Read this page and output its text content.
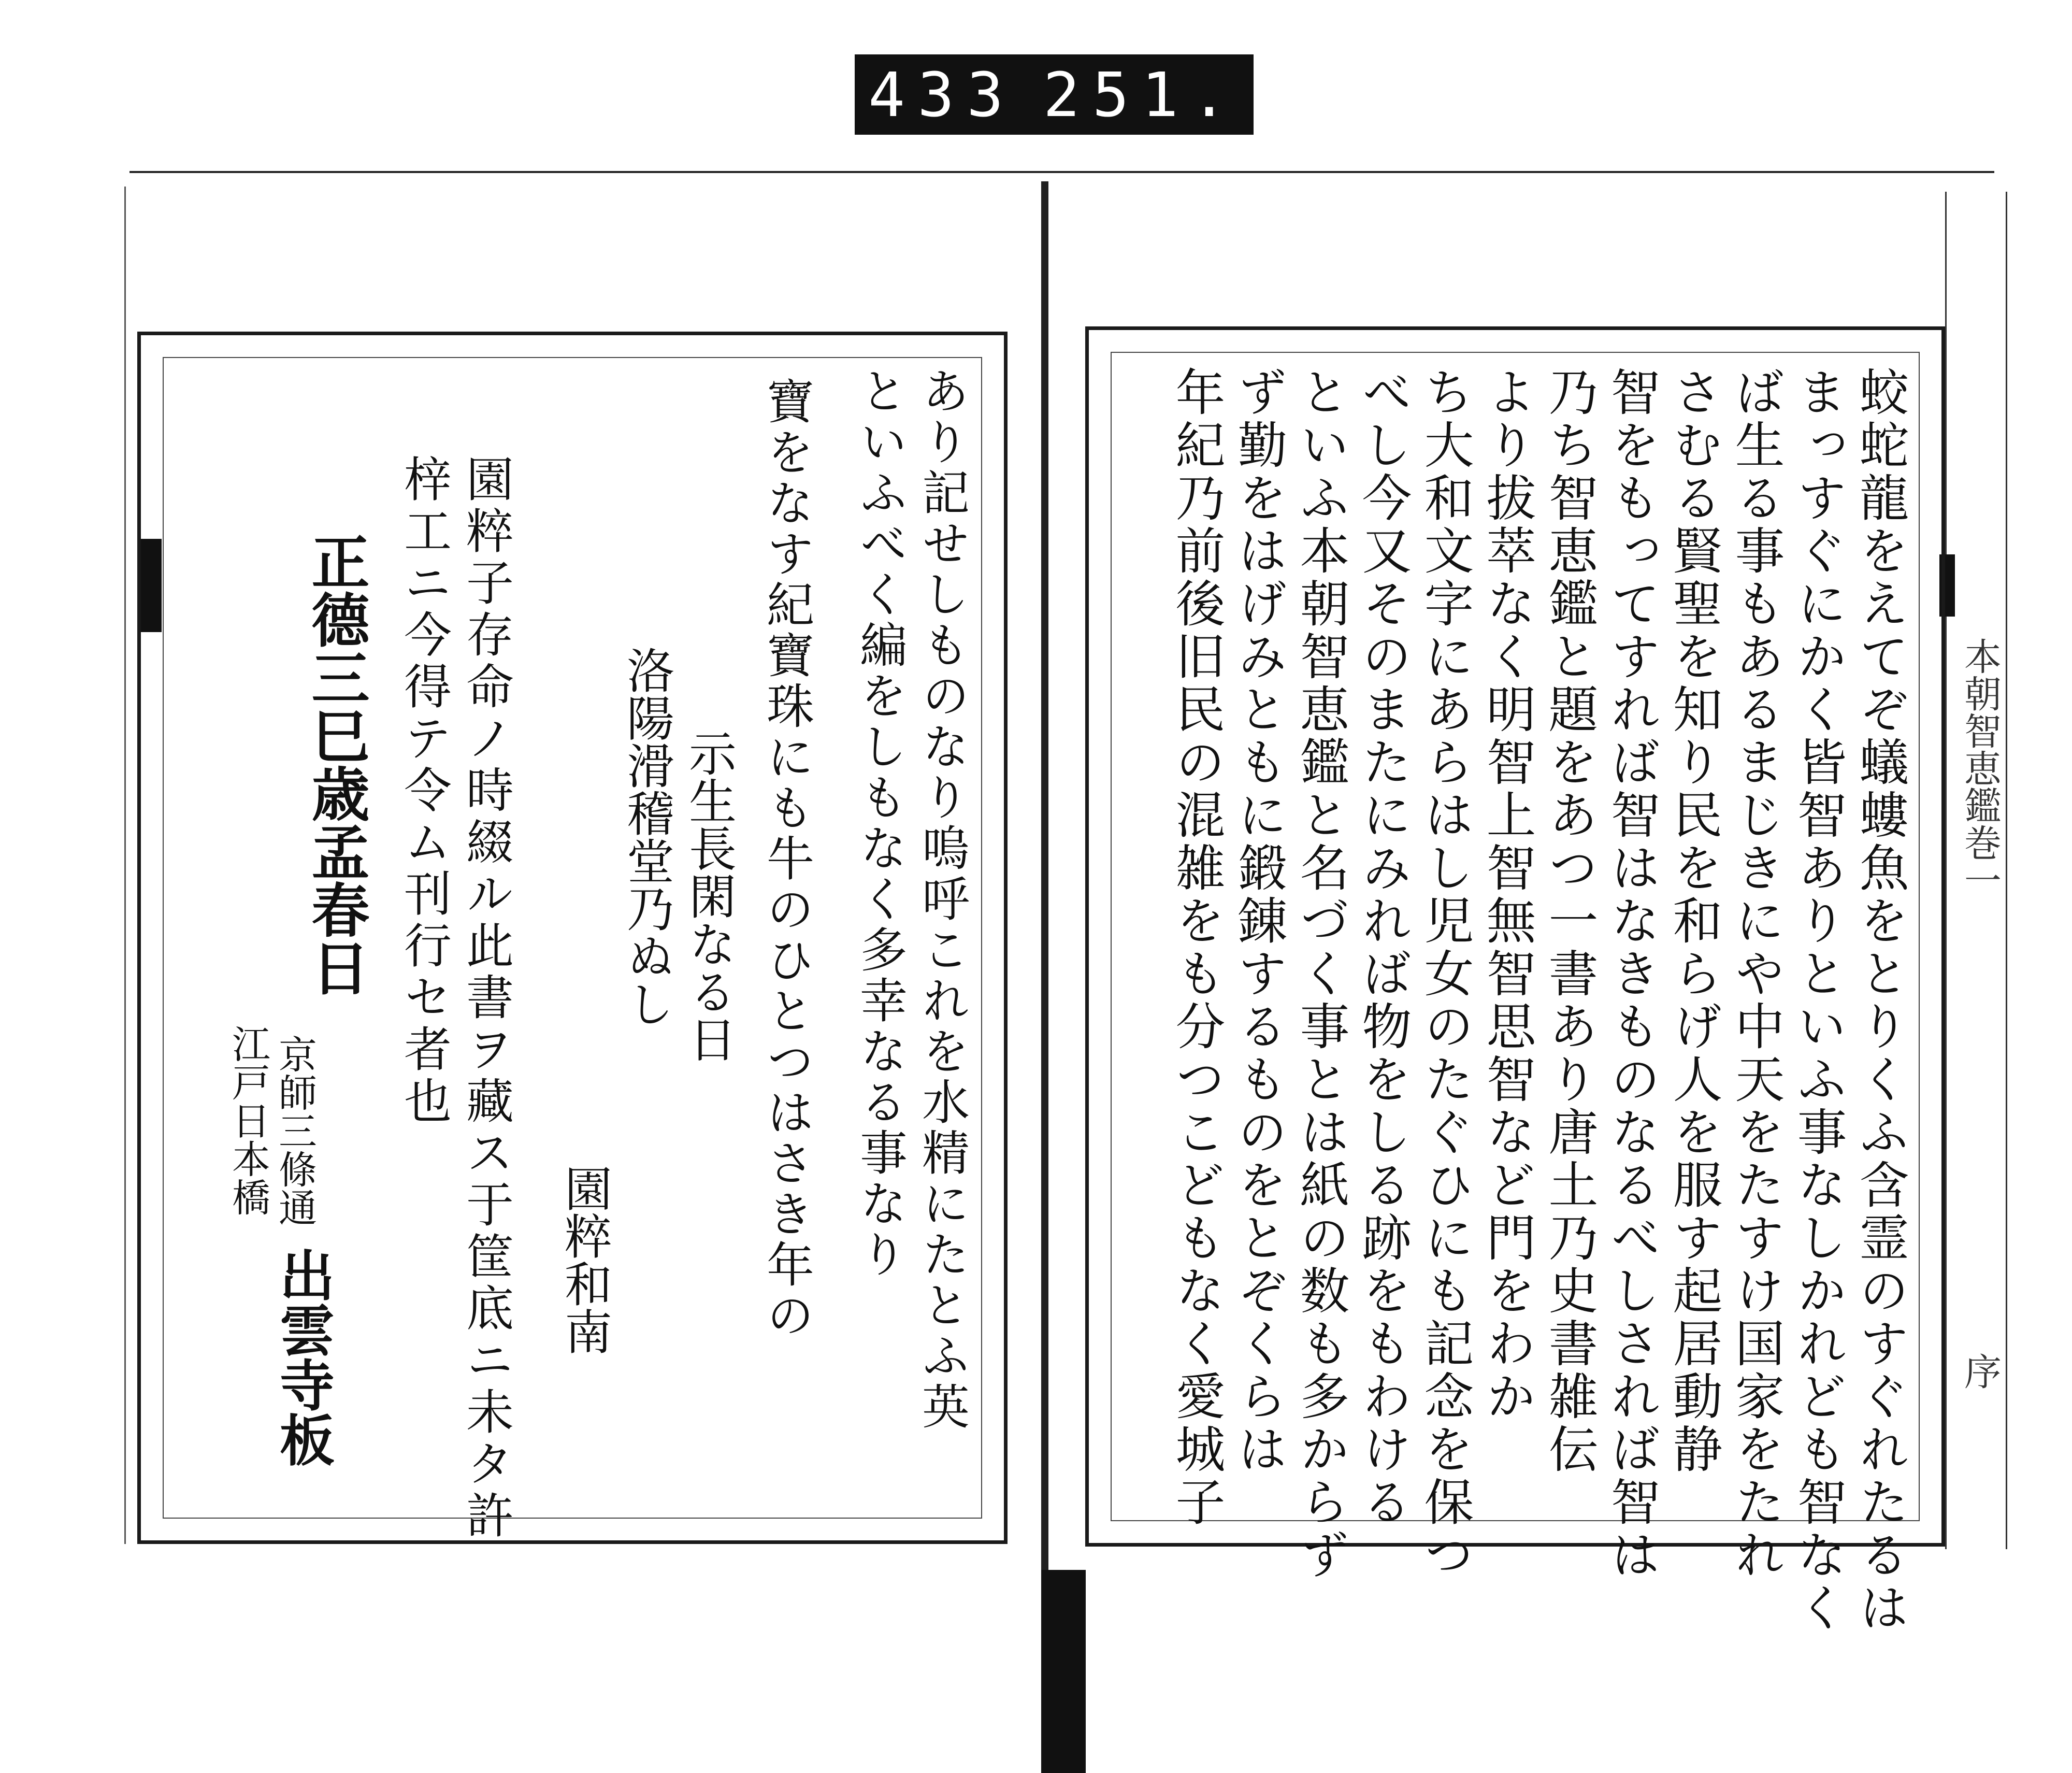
433 251.
本朝智恵鑑巻一
序
蛟蛇龍をえてぞ蟻螻魚をとりくふ含霊のすぐれたるは
まっすぐにかく皆智ありといふ事なしかれども智なく
ば生る事もあるまじきにや中天をたすけ国家をたれ
さむる賢聖を知り民を和らげ人を服す起居動静
智をもってすれば智はなきものなるべしされば智は
乃ち智恵鑑と題をあつ一書あり唐土乃史書雑伝
より拔萃なく明智上智無智思智など門をわか
ち大和文字にあらはし児女のたぐひにも記念を保つ
べし今又そのまたにみれば物をしる跡をもわける
といふ本朝智恵鑑と名づく事とは紙の数も多からず
ず勤をはげみともに鍛錬するものをとぞくらは
年紀乃前後旧民の混雑をも分つこどもなく愛城子
あり記せしものなり嗚呼これを水精にたとふ英
といふべく編をしもなく多幸なる事なり
寶をなす紀寶珠にも牛のひとつはさき年の
示生長閑なる日
洛陽滑稽堂乃ぬし
園粹和南
園粹子存命ノ時綴ル此書ヲ藏ス于筐底ニ未タ許
梓工ニ今得テ令ム刊行セ者也
正德三巳歳孟春日
京師三條通
江戸日本橋
出雲寺板
